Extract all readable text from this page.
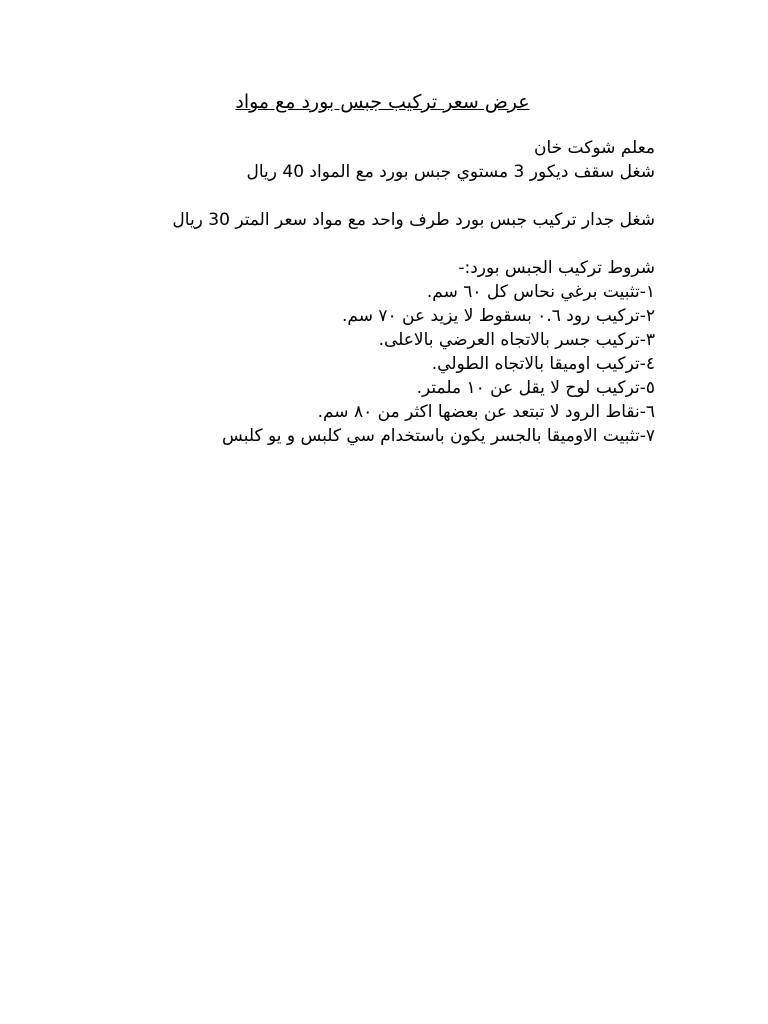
عرض سعر تركيب جبس بورد مع مواد
معلم شوكت خان
شغل سقف ديكور 3 مستوي جبس بورد مع المواد 40 ريال
شغل جدار تركيب جبس بورد طرف واحد مع مواد سعر المتر 30 ريال
شروط تركيب الجبس بورد:-
١-تثبيت برغي نحاس كل ٦٠ سم.
٢-تركيب رود ٠.٦ بسقوط لا يزيد عن ٧٠ سم.
٣-تركيب جسر بالاتجاه العرضي بالاعلى.
٤-تركيب اوميقا بالاتجاه الطولي.
٥-تركيب لوح لا يقل عن ١٠ ملمتر.
٦-نقاط الرود لا تبتعد عن بعضها اكثر من ٨٠ سم.
٧-تثبيت الاوميقا بالجسر يكون باستخدام سي كلبس و يو كلبس
